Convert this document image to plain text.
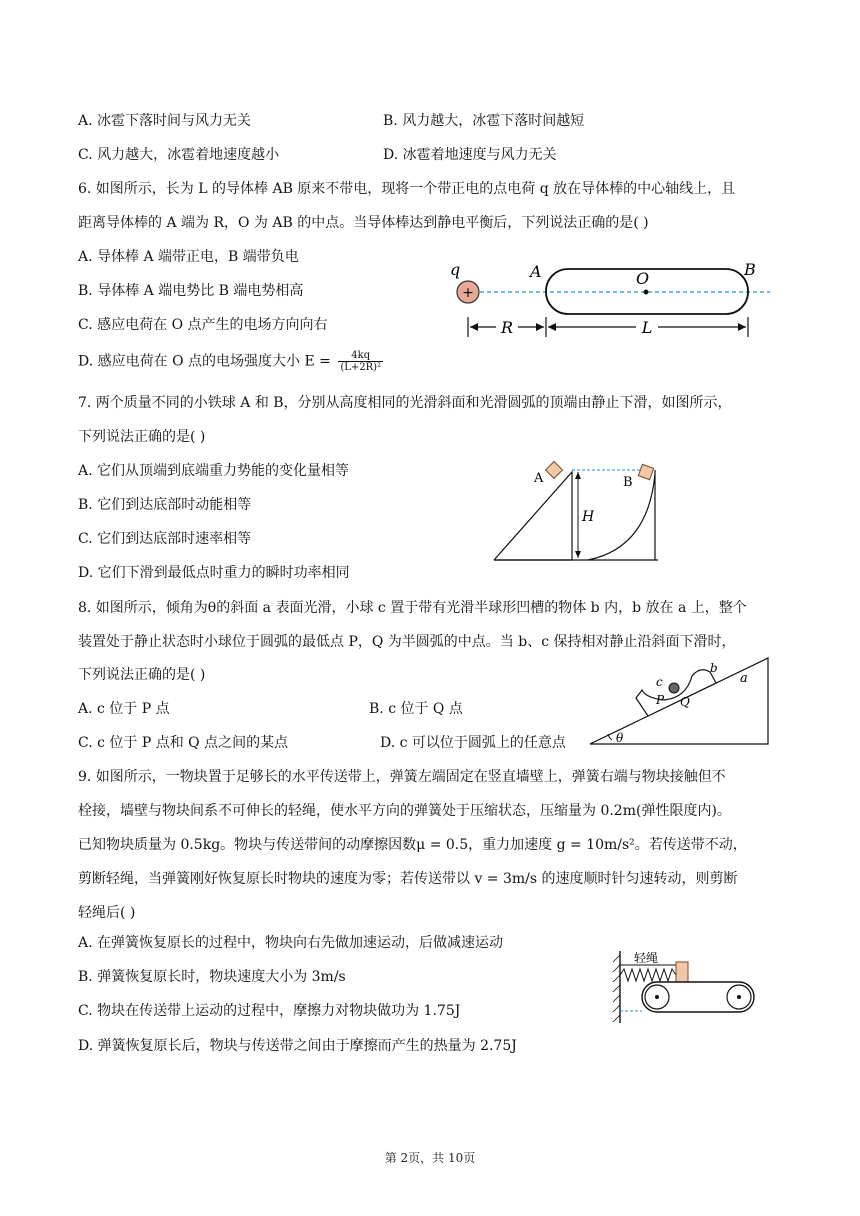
A. 冰雹下落时间与风力无关	B. 风力越大，冰雹下落时间越短
C. 风力越大，冰雹着地速度越小	D. 冰雹着地速度与风力无关
6. 如图所示，长为 L 的导体棒 AB 原来不带电，现将一个带正电的点电荷 q 放在导体棒的中心轴线上，且
距离导体棒的 A 端为 R，O 为 AB 的中点。当导体棒达到静电平衡后，下列说法正确的是( )
A. 导体棒 A 端带正电，B 端带负电
B. 导体棒 A 端电势比 B 端电势相高
C. 感应电荷在 O 点产生的电场方向向右
D. 感应电荷在 O 点的电场强度大小 $E = \frac{4kq}{\text{(L+2R)²}}$
q
+
A	O	B
R	L
7. 两个质量不同的小铁球 A 和 B，分别从高度相同的光滑斜面和光滑圆弧的顶端由静止下滑，如图所示，
下列说法正确的是( )
A. 它们从顶端到底端重力势能的变化量相等
B. 它们到达底部时动能相等
C. 它们到达底部时速率相等
D. 它们下滑到最低点时重力的瞬时功率相同
A	B
H
8. 如图所示，倾角为θ的斜面 a 表面光滑，小球 c 置于带有光滑半球形凹槽的物体 b 内，b 放在 a 上，整个
装置处于静止状态时小球位于圆弧的最低点 P，Q 为半圆弧的中点。当 b、c 保持相对静止沿斜面下滑时，
下列说法正确的是( )
A. c 位于 P 点	B. c 位于 Q 点
C. c 位于 P 点和 Q 点之间的某点	D. c 可以位于圆弧上的任意点	θ
a
b
c
P Q
9. 如图所示，一物块置于足够长的水平传送带上，弹簧左端固定在竖直墙壁上，弹簧右端与物块接触但不
栓接，墙壁与物块间系不可伸长的轻绳，使水平方向的弹簧处于压缩状态，压缩量为 0.2m(弹性限度内)。
已知物块质量为 0.5kg。物块与传送带间的动摩擦因数μ = 0.5，重力加速度 g = 10m/s²。若传送带不动，
剪断轻绳，当弹簧刚好恢复原长时物块的速度为零；若传送带以 v = 3m/s 的速度顺时针匀速转动，则剪断
轻绳后( )
A. 在弹簧恢复原长的过程中，物块向右先做加速运动，后做减速运动
B. 弹簧恢复原长时，物块速度大小为 3m/s
C. 物块在传送带上运动的过程中，摩擦力对物块做功为 1.75J
D. 弹簧恢复原长后，物块与传送带之间由于摩擦而产生的热量为 2.75J
轻绳
第 2页，共 10页
